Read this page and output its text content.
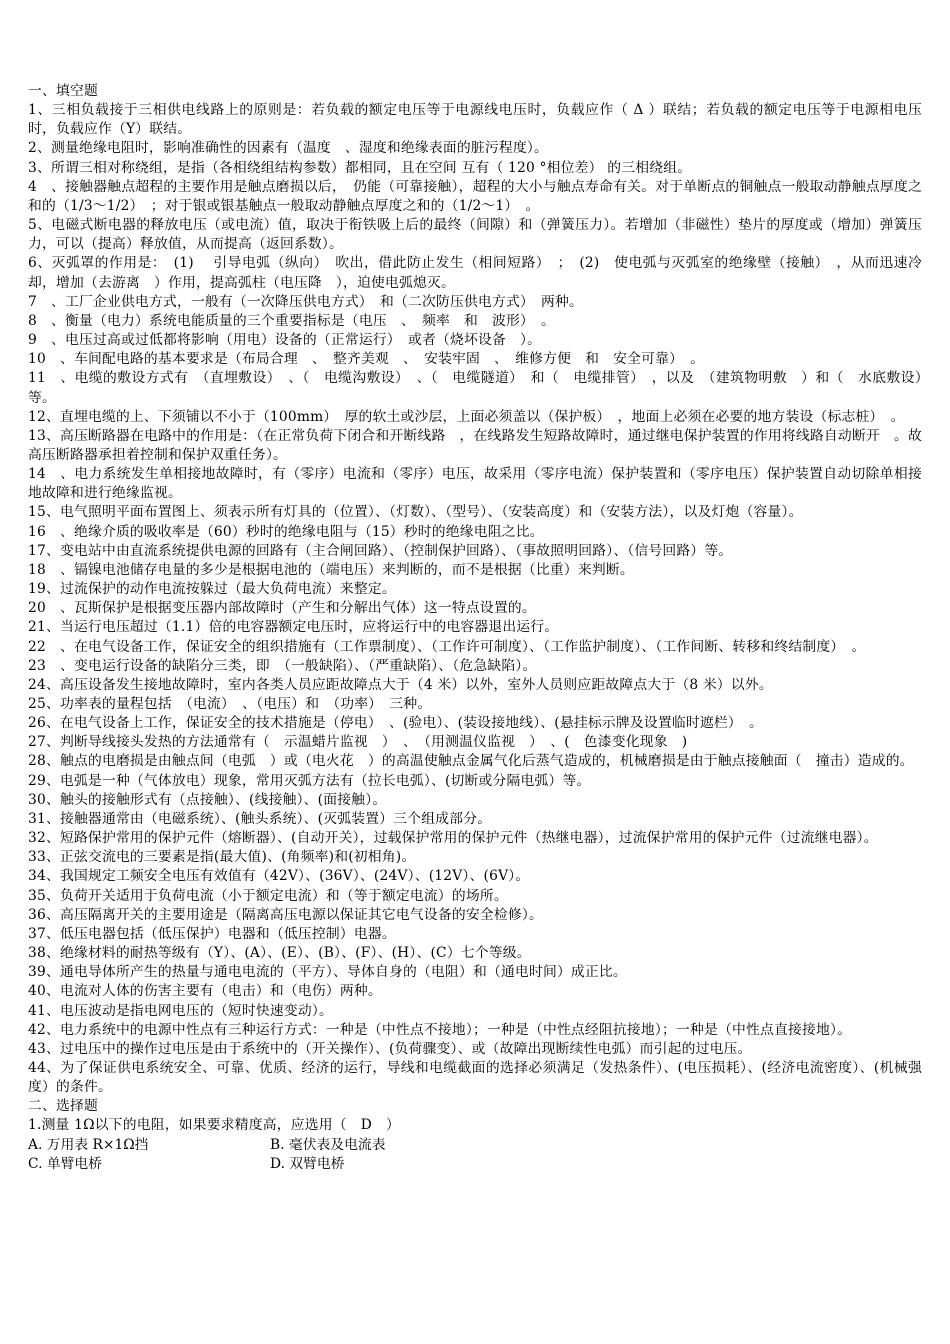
一、填空题
1、三相负载接于三相供电线路上的原则是：若负载的额定电压等于电源线电压时，负载应作（ Δ ）联结；若负载的额定电压等于电源相电压时，负载应作（Y）联结。
2、测量绝缘电阻时，影响准确性的因素有（温度　、湿度和绝缘表面的脏污程度）。
3、所谓三相对称绕组，是指（各相绕组结构参数）都相同，且在空间 互有（ 120 °相位差） 的三相绕组。
4　、接触器触点超程的主要作用是触点磨损以后，　仍能（可靠接触），超程的大小与触点寿命有关。对于单断点的铜触点一般取动静触点厚度之和的（1/3～1/2）　；对于银或银基触点一般取动静触点厚度之和的（1/2～1）　。
5、电磁式断电器的释放电压（或电流）值，取决于衔铁吸上后的最终（间隙）和（弹簧压力）。若增加（非磁性）垫片的厚度或（增加）弹簧压力，可以（提高）释放值，从而提高（返回系数）。
6、灭弧罩的作用是：　(1)　 引导电弧（纵向）　吹出，借此防止发生（相间短路）　；　(2)　使电弧与灭弧室的绝缘壁（接触）　，从而迅速冷却，增加（去游离　）作用，提高弧柱（电压降　），迫使电弧熄灭。
7　、工厂企业供电方式，一般有（一次降压供电方式）　和（二次防压供电方式）　两种。
8　、衡量（电力）系统电能质量的三个重要指标是（电压　、　频率　和　波形）　。
9　、电压过高或过低都将影响（用电）设备的（正常运行）　或者（烧坏设备　）。
10　、车间配电路的基本要求是（布局合理　、　整齐美观　、　安装牢固　、　维修方便　和　安全可靠）　。
11　、电缆的敷设方式有　（直埋敷设）　、（　电缆沟敷设）　、（　电缆隧道）　和（　电缆排管）　，以及　（建筑物明敷　）和（　水底敷设）　等。
12、直埋电缆的上、下须铺以不小于（100mm）　厚的软土或沙层，上面必须盖以（保护板）　，地面上必须在必要的地方装设（标志桩）　。
13、高压断路器在电路中的作用是：（在正常负荷下闭合和开断线路　，在线路发生短路故障时，通过继电保护装置的作用将线路自动断开　。故高压断路器承担着控制和保护双重任务）。
14　、电力系统发生单相接地故障时，有（零序）电流和（零序）电压，故采用（零序电流）保护装置和（零序电压）保护装置自动切除单相接地故障和进行绝缘监视。
15、电气照明平面布置图上、须表示所有灯具的（位置）、（灯数）、（型号）、（安装高度）和（安装方法），以及灯炮（容量）。
16　、绝缘介质的吸收率是（60）秒时的绝缘电阻与（15）秒时的绝缘电阻之比。
17、变电站中由直流系统提供电源的回路有（主合闸回路）、（控制保护回路）、（事故照明回路）、（信号回路）等。
18　、镉镍电池储存电量的多少是根据电池的（端电压）来判断的，而不是根据（比重）来判断。
19、过流保护的动作电流按躲过（最大负荷电流）来整定。
20　、瓦斯保护是根据变压器内部故障时（产生和分解出气体）这一特点设置的。
21、当运行电压超过（1.1）倍的电容器额定电压时，应将运行中的电容器退出运行。
22　、在电气设备工作，保证安全的组织措施有（工作票制度）、（工作许可制度）、（工作监护制度）、（工作间断、转移和终结制度）　。
23　、变电运行设备的缺陷分三类，即　（一般缺陷）、（严重缺陷）、（危急缺陷）。
24、高压设备发生接地故障时，室内各类人员应距故障点大于（4 米）以外，室外人员则应距故障点大于（8 米）以外。
25、功率表的量程包括　（电流）　、（电压）和　（功率）　三种。
26、在电气设备上工作，保证安全的技术措施是（停电）　、(验电）、(装设接地线）、(悬挂标示牌及设置临时遮栏）　。
27、判断导线接头发热的方法通常有（　示温蜡片监视　）　、　（用测温仪监视　）　、(　色漆变化现象　)
28、触点的电磨损是由触点间（电弧　）或（电火花　）的高温使触点金属气化后蒸气造成的，机械磨损是由于触点接触面（　撞击）造成的。
29、电弧是一种（气体放电）现象，常用灭弧方法有（拉长电弧）、(切断或分隔电弧）等。
30、触头的接触形式有（点接触）、(线接触）、(面接触）。
31、接触器通常由（电磁系统）、(触头系统）、(灭弧装置）三个组成部分。
32、短路保护常用的保护元件（熔断器）、(自动开关），过载保护常用的保护元件（热继电器），过流保护常用的保护元件（过流继电器）。
33、正弦交流电的三要素是指(最大值)、(角频率)和(初相角)。
34、我国规定工频安全电压有效值有（42V）、(36V）、(24V）、(12V）、(6V）。
35、负荷开关适用于负荷电流（小于额定电流）和（等于额定电流）的场所。
36、高压隔离开关的主要用途是（隔离高压电源以保证其它电气设备的安全检修）。
37、低压电器包括（低压保护）电器和（低压控制）电器。
38、绝缘材料的耐热等级有（Y）、(A）、(E）、(B）、(F）、(H）、(C）七个等级。
39、通电导体所产生的热量与通电电流的（平方）、导体自身的（电阻）和（通电时间）成正比。
40、电流对人体的伤害主要有（电击）和（电伤）两种。
41、电压波动是指电网电压的（短时快速变动）。
42、电力系统中的电源中性点有三种运行方式：一种是（中性点不接地）；一种是（中性点经阻抗接地）；一种是（中性点直接接地）。
43、过电压中的操作过电压是由于系统中的（开关操作）、(负荷骤变）、或（故障出现断续性电弧）而引起的过电压。
44、为了保证供电系统安全、可靠、优质、经济的运行，导线和电缆截面的选择必须满足（发热条件）、(电压损耗）、(经济电流密度）、(机械强度）的条件。
二、选择题
1.测量 1Ω以下的电阻，如果要求精度高，应选用（　D　）
A. 万用表 R×1Ω挡	B. 毫伏表及电流表
C. 单臂电桥	D. 双臂电桥
